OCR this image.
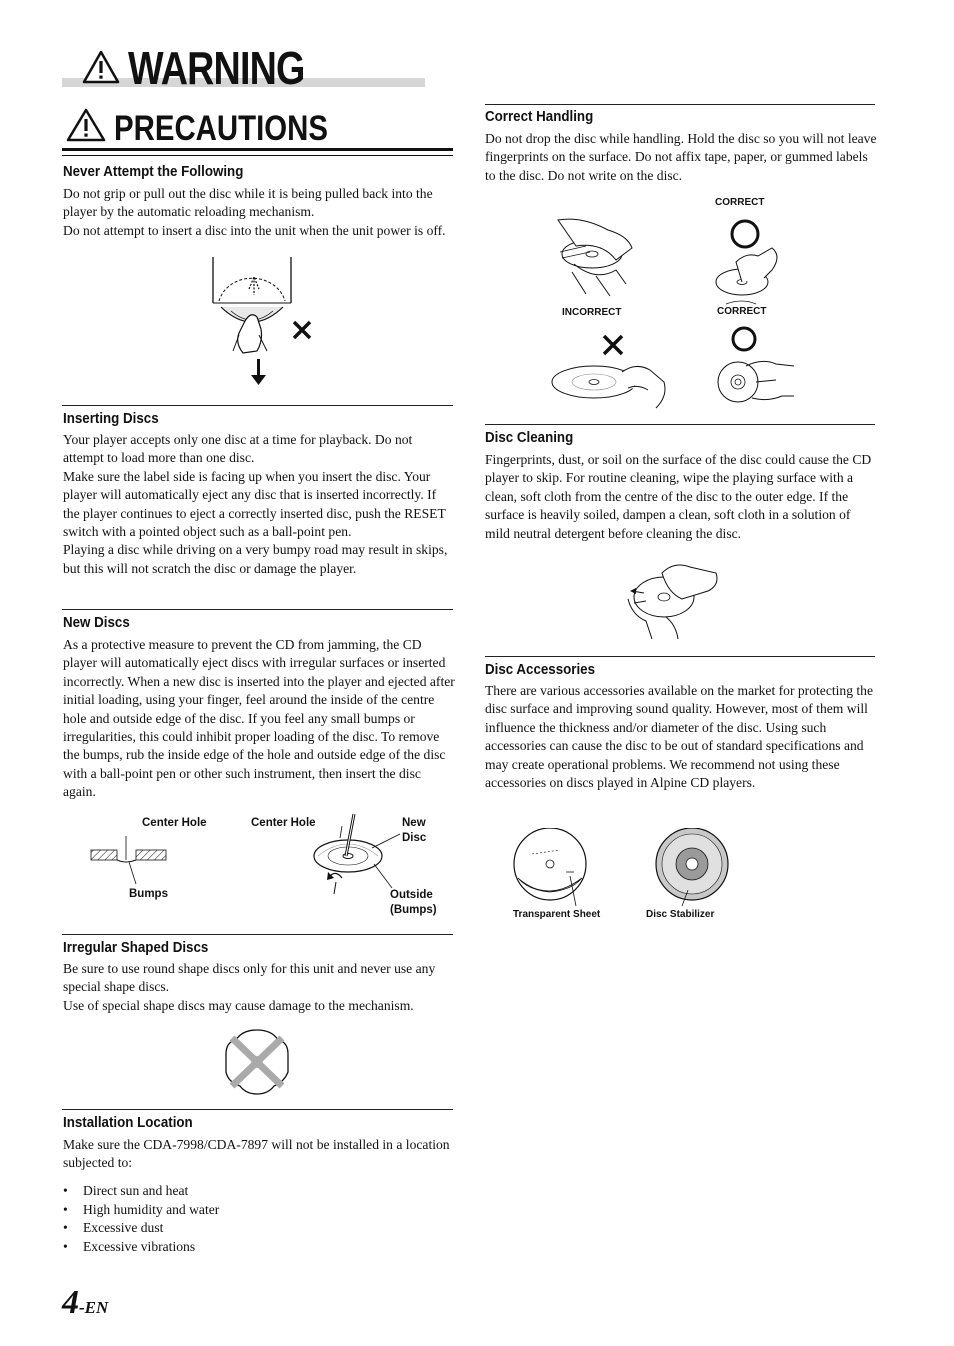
WARNING
PRECAUTIONS
Never Attempt the Following

Do not grip or pull out the disc while it is being pulled back into the player by the automatic reloading mechanism.

Do not attempt to insert a disc into the unit when the unit power is off.

Inserting Discs

Your player accepts only one disc at a time for playback. Do not attempt to load more than one disc.

Make sure the label side is facing up when you insert the disc. Your player will automatically eject any disc that is inserted incorrectly. If the player continues to eject a correctly inserted disc, push the RESET switch with a pointed object such as a ball-point pen.

Playing a disc while driving on a very bumpy road may result in skips, but this will not scratch the disc or damage the player.

New Discs

As a protective measure to prevent the CD from jamming, the CD player will automatically eject discs with irregular surfaces or inserted incorrectly. When a new disc is inserted into the player and ejected after initial loading, using your finger, feel around the inside of the centre hole and outside edge of the disc. If you feel any small bumps or irregularities, this could inhibit proper loading of the disc. To remove the bumps, rub the inside edge of the hole and outside edge of the disc with a ball-point pen or other such instrument, then insert the disc again.

Center Hole
Bumps
Center Hole	New
Disc
Outside
(Bumps)
Irregular Shaped Discs

Be sure to use round shape discs only for this unit and never use any special shape discs.

Use of special shape discs may cause damage to the mechanism.

Installation Location

Make sure the CDA-7998/CDA-7897 will not be installed in a location subjected to:

• Direct sun and heat
• High humidity and water
• Excessive dust
• Excessive vibrations
4-EN
Correct Handling

Do not drop the disc while handling. Hold the disc so you will not leave fingerprints on the surface. Do not affix tape, paper, or gummed labels to the disc. Do not write on the disc.

CORRECT
INCORRECT	CORRECT
Disc Cleaning

Fingerprints, dust, or soil on the surface of the disc could cause the CD player to skip. For routine cleaning, wipe the playing surface with a clean, soft cloth from the centre of the disc to the outer edge. If the surface is heavily soiled, dampen a clean, soft cloth in a solution of mild neutral detergent before cleaning the disc.

Disc Accessories

There are various accessories available on the market for protecting the disc surface and improving sound quality. However, most of them will influence the thickness and/or diameter of the disc. Using such accessories can cause the disc to be out of standard specifications and may create operational problems. We recommend not using these accessories on discs played in Alpine CD players.

Transparent Sheet	Disc Stabilizer
